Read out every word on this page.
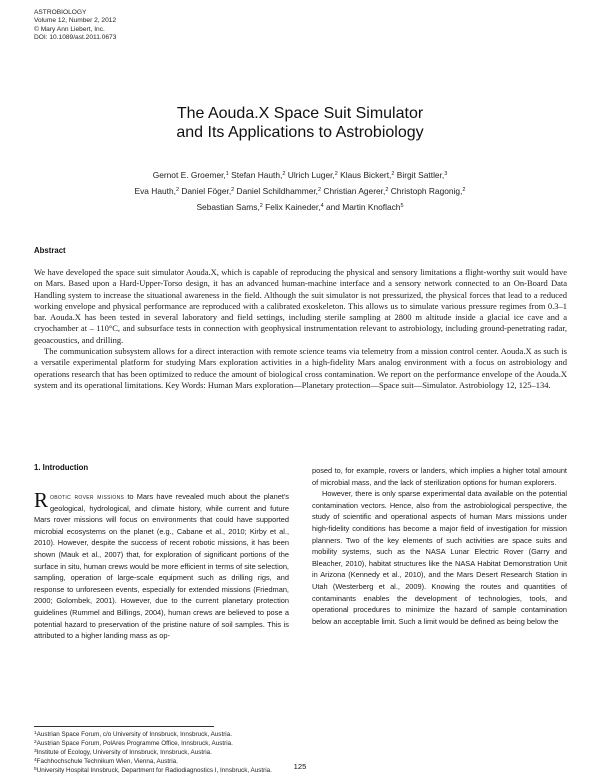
ASTROBIOLOGY
Volume 12, Number 2, 2012
© Mary Ann Liebert, Inc.
DOI: 10.1089/ast.2011.0673
The Aouda.X Space Suit Simulator
and Its Applications to Astrobiology
Gernot E. Groemer,$^1$ Stefan Hauth,$^2$ Ulrich Luger,$^2$ Klaus Bickert,$^2$ Birgit Sattler,$^3$
Eva Hauth,$^2$ Daniel Föger,$^2$ Daniel Schildhammer,$^2$ Christian Agerer,$^2$ Christoph Ragonig,$^2$
Sebastian Sams,$^2$ Felix Kaineder,$^4$ and Martin Knoflach$^5$
Abstract

We have developed the space suit simulator Aouda.X, which is capable of reproducing the physical and sensory limitations a flight-worthy suit would have on Mars. Based upon a Hard-Upper-Torso design, it has an advanced human-machine interface and a sensory network connected to an On-Board Data Handling system to increase the situational awareness in the field. Although the suit simulator is not pressurized, the physical forces that lead to a reduced working envelope and physical performance are reproduced with a calibrated exoskeleton. This allows us to simulate various pressure regimes from 0.3–1 bar. Aouda.X has been tested in several laboratory and field settings, including sterile sampling at 2800 m altitude inside a glacial ice cave and a cryochamber at – 110°C, and subsurface tests in connection with geophysical instrumentation relevant to astrobiology, including ground-penetrating radar, geoacoustics, and drilling.

The communication subsystem allows for a direct interaction with remote science teams via telemetry from a mission control center. Aouda.X as such is a versatile experimental platform for studying Mars exploration activities in a high-fidelity Mars analog environment with a focus on astrobiology and operations research that has been optimized to reduce the amount of biological cross contamination. We report on the performance envelope of the Aouda.X system and its operational limitations. Key Words: Human Mars exploration—Planetary protection—Space suit—Simulator. Astrobiology 12, 125–134.

1. Introduction

Robotic rover missions to Mars have revealed much about the planet's geological, hydrological, and climate history, while current and future Mars rover missions will focus on environments that could have supported microbial ecosystems on the planet (e.g., Cabane et al., 2010; Kirby et al., 2010). However, despite the success of recent robotic missions, it has been shown (Mauk et al., 2007) that, for exploration of significant portions of the surface in situ, human crews would be more efficient in terms of site selection, sampling, operation of large-scale equipment such as drilling rigs, and response to unforeseen events, especially for extended missions (Friedman, 2000; Golombek, 2001). However, due to the current planetary protection guidelines (Rummel and Billings, 2004), human crews are believed to pose a potential hazard to preservation of the pristine nature of soil samples. This is attributed to a higher landing mass as op-

posed to, for example, rovers or landers, which implies a higher total amount of microbial mass, and the lack of sterilization options for human explorers.

However, there is only sparse experimental data available on the potential contamination vectors. Hence, also from the astrobiological perspective, the study of scientific and operational aspects of human Mars missions under high-fidelity conditions has become a major field of investigation for mission planners. Two of the key elements of such activities are space suits and mobility systems, such as the NASA Lunar Electric Rover (Garry and Bleacher, 2010), habitat structures like the NASA Habitat Demonstration Unit in Arizona (Kennedy et al., 2010), and the Mars Desert Research Station in Utah (Westerberg et al., 2009). Knowing the routes and quantities of contaminants enables the development of technologies, tools, and operational procedures to minimize the hazard of sample contamination below an acceptable limit. Such a limit would be defined as being below the

$^1$Austrian Space Forum, c/o University of Innsbruck, Innsbruck, Austria.
$^2$Austrian Space Forum, PolAres Programme Office, Innsbruck, Austria.
$^3$Institute of Ecology, University of Innsbruck, Innsbruck, Austria.
$^4$Fachhochschule Technikum Wien, Vienna, Austria.
$^5$University Hospital Innsbruck, Department for Radiodiagnostics I, Innsbruck, Austria.	125
